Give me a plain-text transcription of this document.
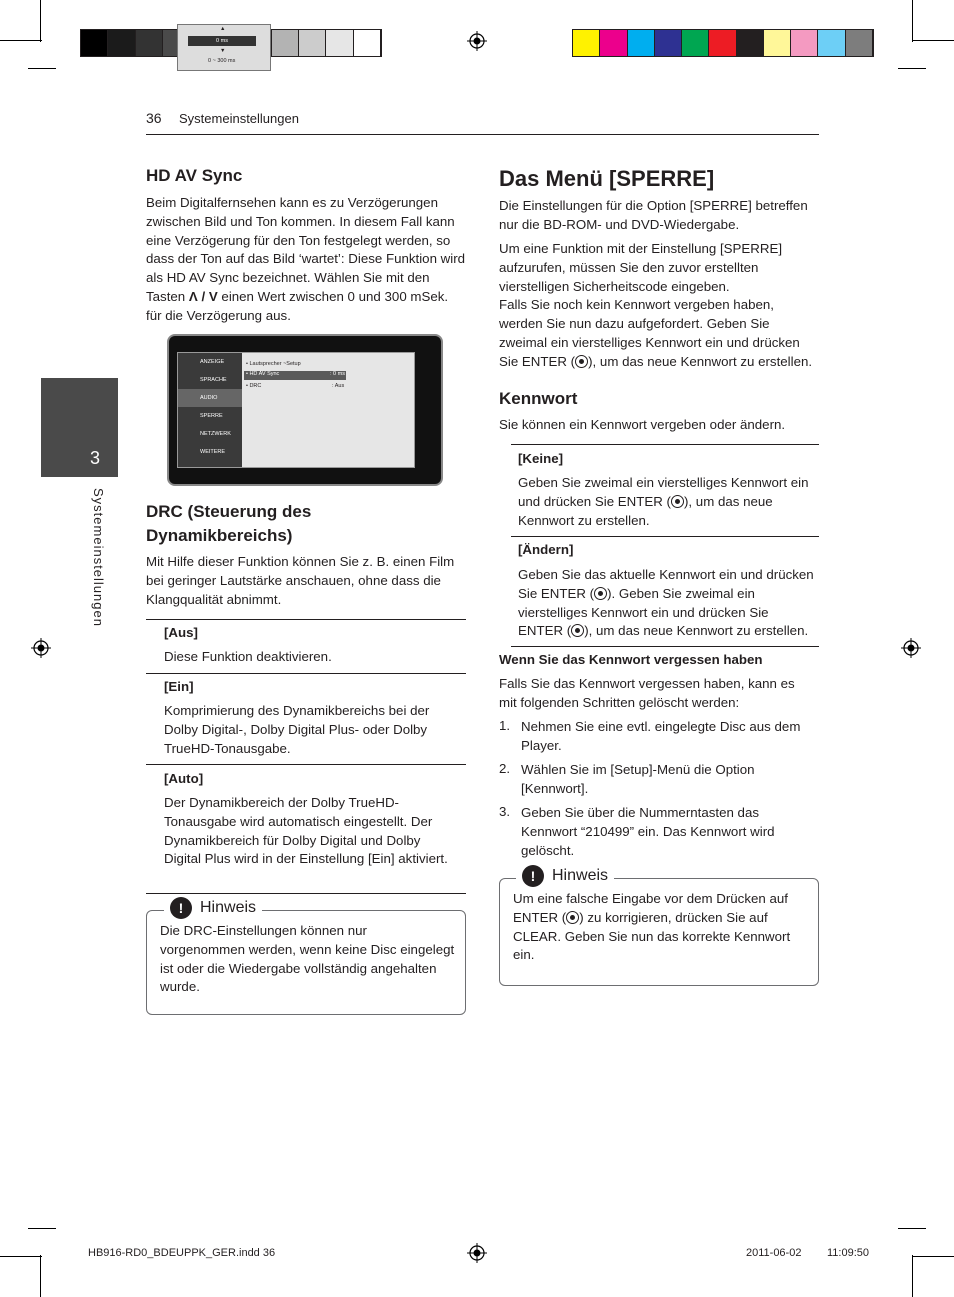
36 Systemeinstellungen
3
Systemeinstellungen
HD AV Sync

Beim Digitalfernsehen kann es zu Verzögerungen zwischen Bild und Ton kommen. In diesem Fall kann eine Verzögerung für den Ton festgelegt werden, so dass der Ton auf das Bild ‘wartet’: Diese Funktion wird als HD AV Sync bezeichnet. Wählen Sie mit den Tasten Λ / V einen Wert zwischen 0 und 300 mSek. für die Verzögerung aus.

ANZEIGE
SPRACHE
AUDIO
SPERRE
NETZWERK
WEITERE
• Lautsprecher ~Setup
• HD AV Sync	: 0 ms
• DRC	: Aus
▲
0 ms
▼
0 ~ 300 ms
DRC (Steuerung des Dynamikbereichs)

Mit Hilfe dieser Funktion können Sie z. B. einen Film bei geringer Lautstärke anschauen, ohne dass die Klangqualität abnimmt.

[Aus]

Diese Funktion deaktivieren.

[Ein]

Komprimierung des Dynamikbereichs bei der Dolby Digital-, Dolby Digital Plus- oder Dolby TrueHD-Tonausgabe.

[Auto]

Der Dynamikbereich der Dolby TrueHD-Tonausgabe wird automatisch eingestellt. Der Dynamikbereich für Dolby Digital und Dolby Digital Plus wird in der Einstellung [Ein] aktiviert.

!	Hinweis

Die DRC-Einstellungen können nur vorgenommen werden, wenn keine Disc eingelegt ist oder die Wiedergabe vollständig angehalten wurde.

Das Menü [SPERRE]

Die Einstellungen für die Option [SPERRE] betreffen nur die BD-ROM- und DVD-Wiedergabe.

Um eine Funktion mit der Einstellung [SPERRE] aufzurufen, müssen Sie den zuvor erstellten vierstelligen Sicherheitscode eingeben.
Falls Sie noch kein Kennwort vergeben haben, werden Sie nun dazu aufgefordert. Geben Sie zweimal ein vierstelliges Kennwort ein und drücken Sie ENTER ( ), um das neue Kennwort zu erstellen.

Kennwort

Sie können ein Kennwort vergeben oder ändern.

[Keine]

Geben Sie zweimal ein vierstelliges Kennwort ein und drücken Sie ENTER ( ), um das neue Kennwort zu erstellen.

[Ändern]

Geben Sie das aktuelle Kennwort ein und drücken Sie ENTER ( ). Geben Sie zweimal ein vierstelliges Kennwort ein und drücken Sie ENTER ( ), um das neue Kennwort zu erstellen.

Wenn Sie das Kennwort vergessen haben

Falls Sie das Kennwort vergessen haben, kann es mit folgenden Schritten gelöscht werden:

1. Nehmen Sie eine evtl. eingelegte Disc aus dem Player.

2. Wählen Sie im [Setup]-Menü die Option [Kennwort].

3. Geben Sie über die Nummerntasten das Kennwort “210499” ein. Das Kennwort wird gelöscht.

!	Hinweis

Um eine falsche Eingabe vor dem Drücken auf ENTER ( ) zu korrigieren, drücken Sie auf CLEAR. Geben Sie nun das korrekte Kennwort ein.

HB916-RD0_BDEUPPK_GER.indd 36	2011-06-02 11:09:50
